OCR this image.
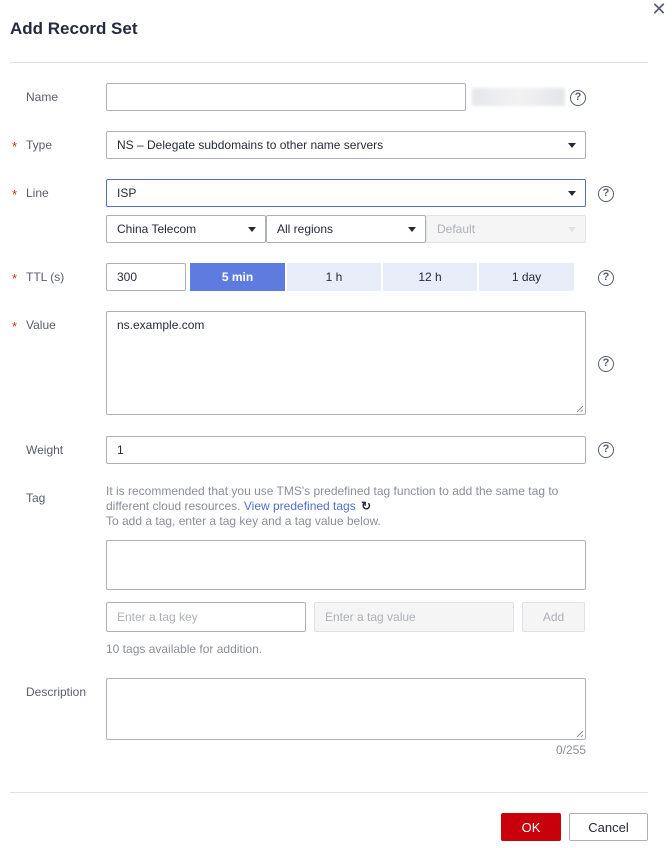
Add Record Set
✕
Name	?
* Type	NS – Delegate subdomains to other name servers
* Line	ISP	?
China Telecom	All regions	Default
* TTL (s)	300	5 min	1 h	12 h	1 day	?
* Value	ns.example.com
?
Weight	1	?
Tag	It is recommended that you use TMS's predefined tag function to add the same tag to
different cloud resources. View predefined tags ↻
To add a tag, enter a tag key and a tag value below.
Enter a tag key	Enter a tag value	Add
10 tags available for addition.
Description
0/255
OK	Cancel
